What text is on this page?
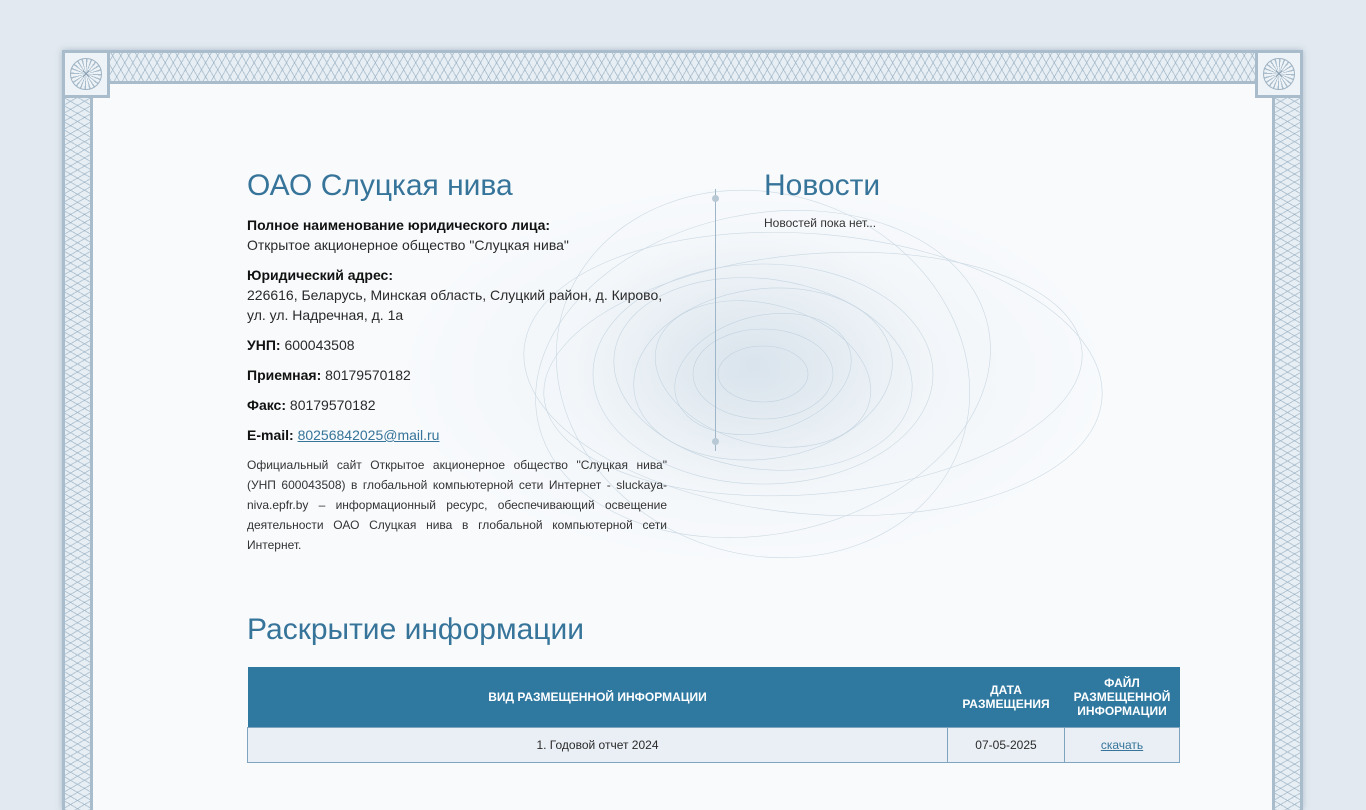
✕	✕
ОАО Слуцкая нива
Полное наименование юридического лица:
Открытое акционерное общество "Слуцкая нива"
Юридический адрес:
226616, Беларусь, Минская область, Слуцкий район, д. Кирово, ул. ул. Надречная, д. 1а
УНП: 600043508
Приемная: 80179570182
Факс: 80179570182
E-mail: 80256842025@mail.ru
Официальный сайт Открытое акционерное общество "Слуцкая нива" (УНП 600043508) в глобальной компьютерной сети Интернет - sluckaya-niva.epfr.by – информационный ресурс, обеспечивающий освещение деятельности ОАО Слуцкая нива в глобальной компьютерной сети Интернет.
Новости
Новостей пока нет...
Раскрытие информации
ВИД РАЗМЕЩЕННОЙ ИНФОРМАЦИИ	ДАТА РАЗМЕЩЕНИЯ	ФАЙЛ РАЗМЕЩЕННОЙ ИНФОРМАЦИИ
1. Годовой отчет 2024	07-05-2025	скачать
